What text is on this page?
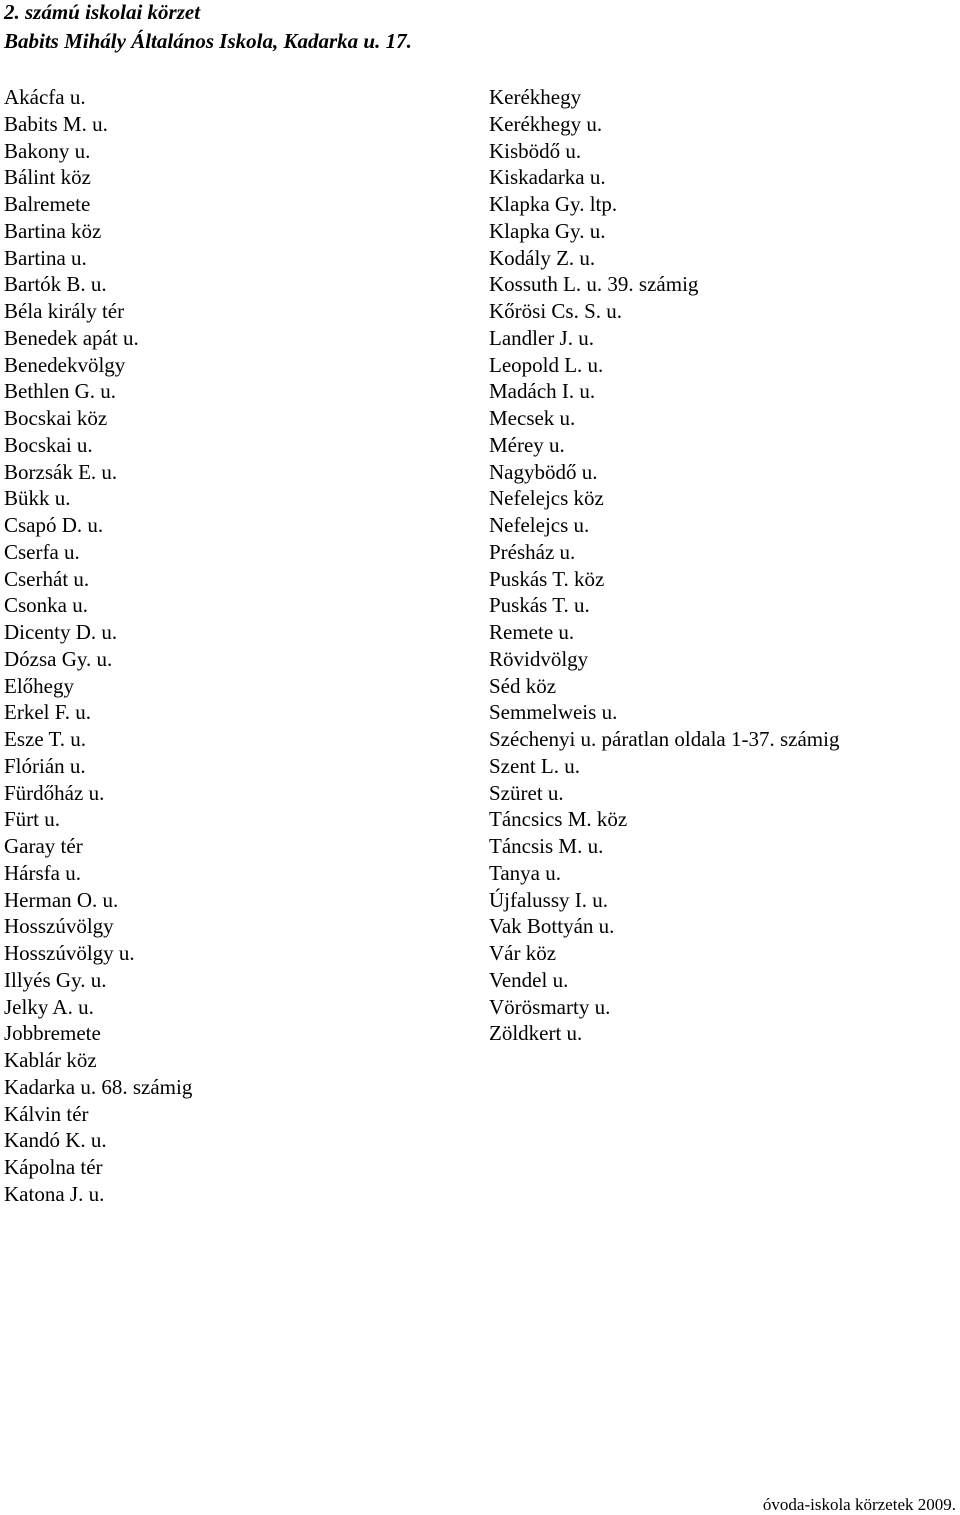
2. számú iskolai körzet
Babits Mihály Általános Iskola, Kadarka u. 17.
Akácfa u.
Babits M. u.
Bakony u.
Bálint köz
Balremete
Bartina köz
Bartina u.
Bartók B. u.
Béla király tér
Benedek apát u.
Benedekvölgy
Bethlen G. u.
Bocskai köz
Bocskai u.
Borzsák E. u.
Bükk u.
Csapó D. u.
Cserfa u.
Cserhát u.
Csonka u.
Dicenty D. u.
Dózsa Gy. u.
Előhegy
Erkel F. u.
Esze T. u.
Flórián u.
Fürdőház u.
Fürt u.
Garay tér
Hársfa u.
Herman O. u.
Hosszúvölgy
Hosszúvölgy u.
Illyés Gy. u.
Jelky A. u.
Jobbremete
Kablár köz
Kadarka u. 68. számig
Kálvin tér
Kandó K. u.
Kápolna tér
Katona J. u.
Kerékhegy
Kerékhegy u.
Kisbödő u.
Kiskadarka u.
Klapka Gy. ltp.
Klapka Gy. u.
Kodály Z. u.
Kossuth L. u. 39. számig
Kőrösi Cs. S. u.
Landler J. u.
Leopold L. u.
Madách I. u.
Mecsek u.
Mérey u.
Nagybödő u.
Nefelejcs köz
Nefelejcs u.
Présház u.
Puskás T. köz
Puskás T. u.
Remete u.
Rövidvölgy
Séd köz
Semmelweis u.
Széchenyi u. páratlan oldala 1-37. számig
Szent L. u.
Szüret u.
Táncsics M. köz
Táncsis M. u.
Tanya u.
Újfalussy I. u.
Vak Bottyán u.
Vár köz
Vendel u.
Vörösmarty u.
Zöldkert u.
óvoda-iskola körzetek 2009.
